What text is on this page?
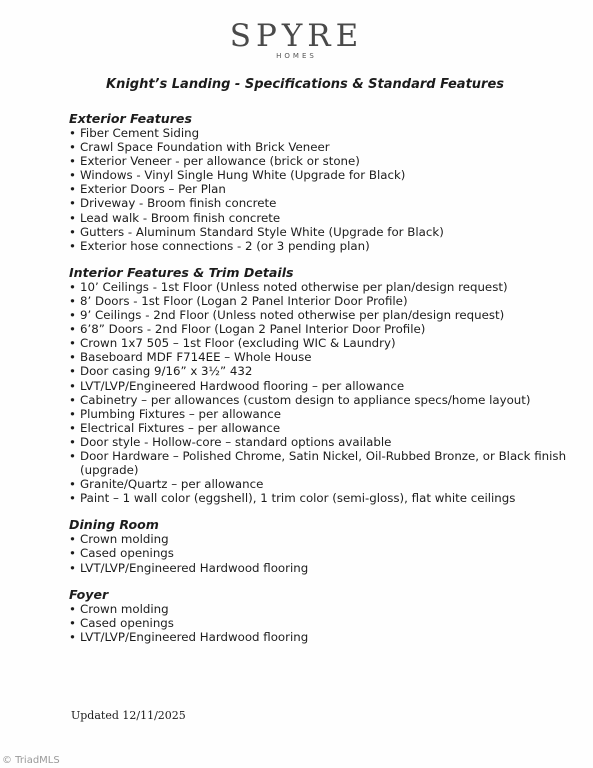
SPYRE
HOMES
Knight’s Landing - Specifications & Standard Features
Exterior Features
• Fiber Cement Siding
• Crawl Space Foundation with Brick Veneer
• Exterior Veneer - per allowance (brick or stone)
• Windows - Vinyl Single Hung White (Upgrade for Black)
• Exterior Doors – Per Plan
• Driveway - Broom finish concrete
• Lead walk - Broom finish concrete
• Gutters - Aluminum Standard Style White (Upgrade for Black)
• Exterior hose connections - 2 (or 3 pending plan)
Interior Features & Trim Details
• 10’ Ceilings - 1st Floor (Unless noted otherwise per plan/design request)
• 8’ Doors - 1st Floor (Logan 2 Panel Interior Door Profile)
• 9’ Ceilings - 2nd Floor (Unless noted otherwise per plan/design request)
• 6’8” Doors - 2nd Floor (Logan 2 Panel Interior Door Profile)
• Crown 1x7 505 – 1st Floor (excluding WIC & Laundry)
• Baseboard MDF F714EE – Whole House
• Door casing 9/16” x 3½” 432
• LVT/LVP/Engineered Hardwood flooring – per allowance
• Cabinetry – per allowances (custom design to appliance specs/home layout)
• Plumbing Fixtures – per allowance
• Electrical Fixtures – per allowance
• Door style - Hollow-core – standard options available
• Door Hardware – Polished Chrome, Satin Nickel, Oil-Rubbed Bronze, or Black finish (upgrade)
• Granite/Quartz – per allowance
• Paint – 1 wall color (eggshell), 1 trim color (semi-gloss), flat white ceilings
Dining Room
• Crown molding
• Cased openings
• LVT/LVP/Engineered Hardwood flooring
Foyer
• Crown molding
• Cased openings
• LVT/LVP/Engineered Hardwood flooring
Updated 12/11/2025
© TriadMLS
